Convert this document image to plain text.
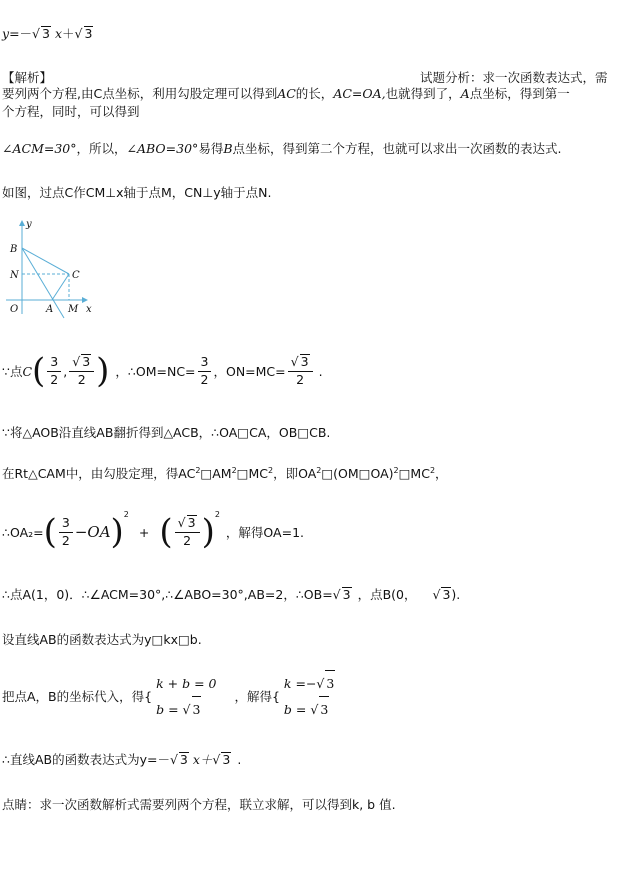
y=－√ 3 x＋√ 3
【解析】	试题分析：求一次函数表达式，需
要列两个方程,由C点坐标，利用勾股定理可以得到AC的长，AC=OA,也就得到了，A点坐标，得到第一
个方程，同时，可以得到
∠ACM=30°，所以，∠ABO=30°易得B点坐标，得到第二个方程，也就可以求出一次函数的表达式.
如图，过点C作CM⊥x轴于点M，CN⊥y轴于点N.
y
B
N	C
O	A M x
∵点 C ( $\frac{3}{2}$ , $\frac{√ 3}{2}$ ) ，∴OM=NC= $\frac{3}{2}$ ，$ON=MC= \frac{√ 3}{2}$ .
∵将△AOB沿直线AB翻折得到△ACB，∴OA□CA，OB□CB.
在Rt△CAM中，由勾股定理，得$AC^2□AM^2□MC^2$，即$OA^2□(OM□OA)^2□MC^2$，
∴OA₂= ( $\frac{3}{2} -OA$ )$^2$
+ ( $\frac{√ 3}{2} )^2$
，解得OA=1.
∴点A(1，0)．∴∠ACM=30°,∴∠ABO=30°,AB=2，∴OB=√ 3 ，点B(0， √ 3).
设直线AB的函数表达式为y□kx□b.
把点A，B的坐标代入，得{
k + b = 0
b = √ 3
，解得{
k =−√ 3
b = √ 3
∴直线AB的函数表达式为y=－√ 3 x＋√ 3 .
点睛：求一次函数解析式需要列两个方程，联立求解，可以得到k, b 值.
